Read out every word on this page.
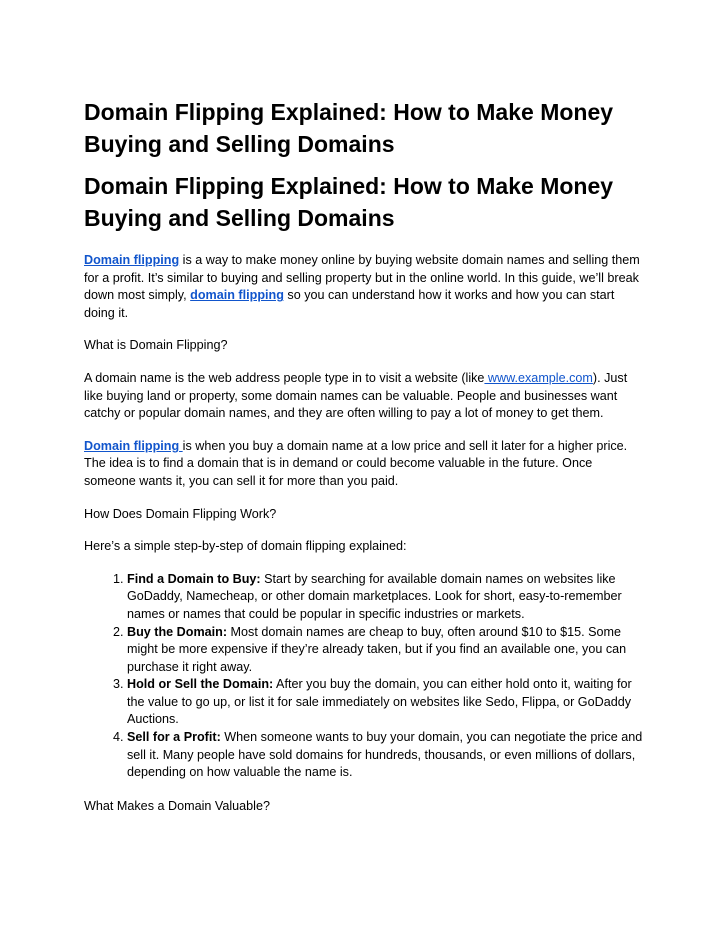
Domain Flipping Explained: How to Make Money Buying and Selling Domains
Domain Flipping Explained: How to Make Money Buying and Selling Domains

Domain flipping is a way to make money online by buying website domain names and selling them for a profit. It’s similar to buying and selling property but in the online world. In this guide, we’ll break down most simply, domain flipping so you can understand how it works and how you can start doing it.

What is Domain Flipping?

A domain name is the web address people type in to visit a website (like www.example.com). Just like buying land or property, some domain names can be valuable. People and businesses want catchy or popular domain names, and they are often willing to pay a lot of money to get them.

Domain flipping is when you buy a domain name at a low price and sell it later for a higher price. The idea is to find a domain that is in demand or could become valuable in the future. Once someone wants it, you can sell it for more than you paid.

How Does Domain Flipping Work?

Here’s a simple step-by-step of domain flipping explained:

1. Find a Domain to Buy: Start by searching for available domain names on websites like GoDaddy, Namecheap, or other domain marketplaces. Look for short, easy-to-remember names or names that could be popular in specific industries or markets.
2. Buy the Domain: Most domain names are cheap to buy, often around $10 to $15. Some might be more expensive if they’re already taken, but if you find an available one, you can purchase it right away.
3. Hold or Sell the Domain: After you buy the domain, you can either hold onto it, waiting for the value to go up, or list it for sale immediately on websites like Sedo, Flippa, or GoDaddy Auctions.
4. Sell for a Profit: When someone wants to buy your domain, you can negotiate the price and sell it. Many people have sold domains for hundreds, thousands, or even millions of dollars, depending on how valuable the name is.

What Makes a Domain Valuable?
